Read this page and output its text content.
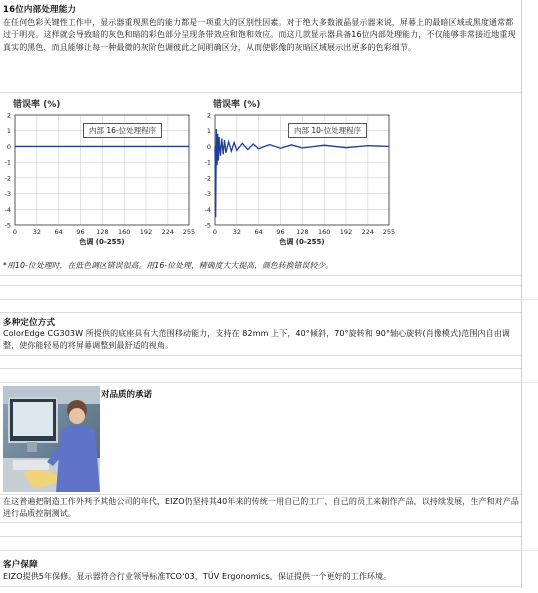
16位内部处理能力
在任何色彩关键性工作中，显示器重现黑色的能力都是一项重大的区别性因素。对于绝大多数液晶显示器来说，屏幕上的最暗区域或黑度通常都过于明亮。这样就会导致暗的灰色和暗的彩色部分呈现条带效应和饱和效应。而这几款显示器具备16位内部处理能力，不仅能够非常接近地重现真实的黑色，而且能够让每一种最微的灰阶色调彼此之间明确区分，从而使影像的灰暗区域展示出更多的色彩细节。
错误率 (%)
2
1
0
-1
-2
-3
-4
-5
0 32 64 96 128 160 192 224 255
色调 (0-255)
内部 16-位处理程序
错误率 (%)
2
1
0
-1
-2
-3
-4
-5
0 32 64 96 128 160 192 224 255
色调 (0-255)
内部 10-位处理程序
*用10-位处理时，在低色调区错误很高。用16-位处理，精确度大大提高，颜色转换错误较少。
多种定位方式
ColorEdge CG303W 所提供的底座具有大范围移动能力，支持在 82mm 上下，40°倾斜，70°旋转和 90°轴心旋转(肖像模式)范围内自由调整，使你能轻易的将屏幕调整到最舒适的视角。
对品质的承诺
在这普遍把制造工作外判予其他公司的年代，EIZO仍坚持其40年来的传统一用自己的工厂，自己的员工来制作产品，以持续发展，生产和对产品进行品质控制测试。
客户保障
EIZO提供5年保修。显示器符合行业领导标准TCO'03，TÜV Ergonomics，保证提供一个更好的工作环境。
